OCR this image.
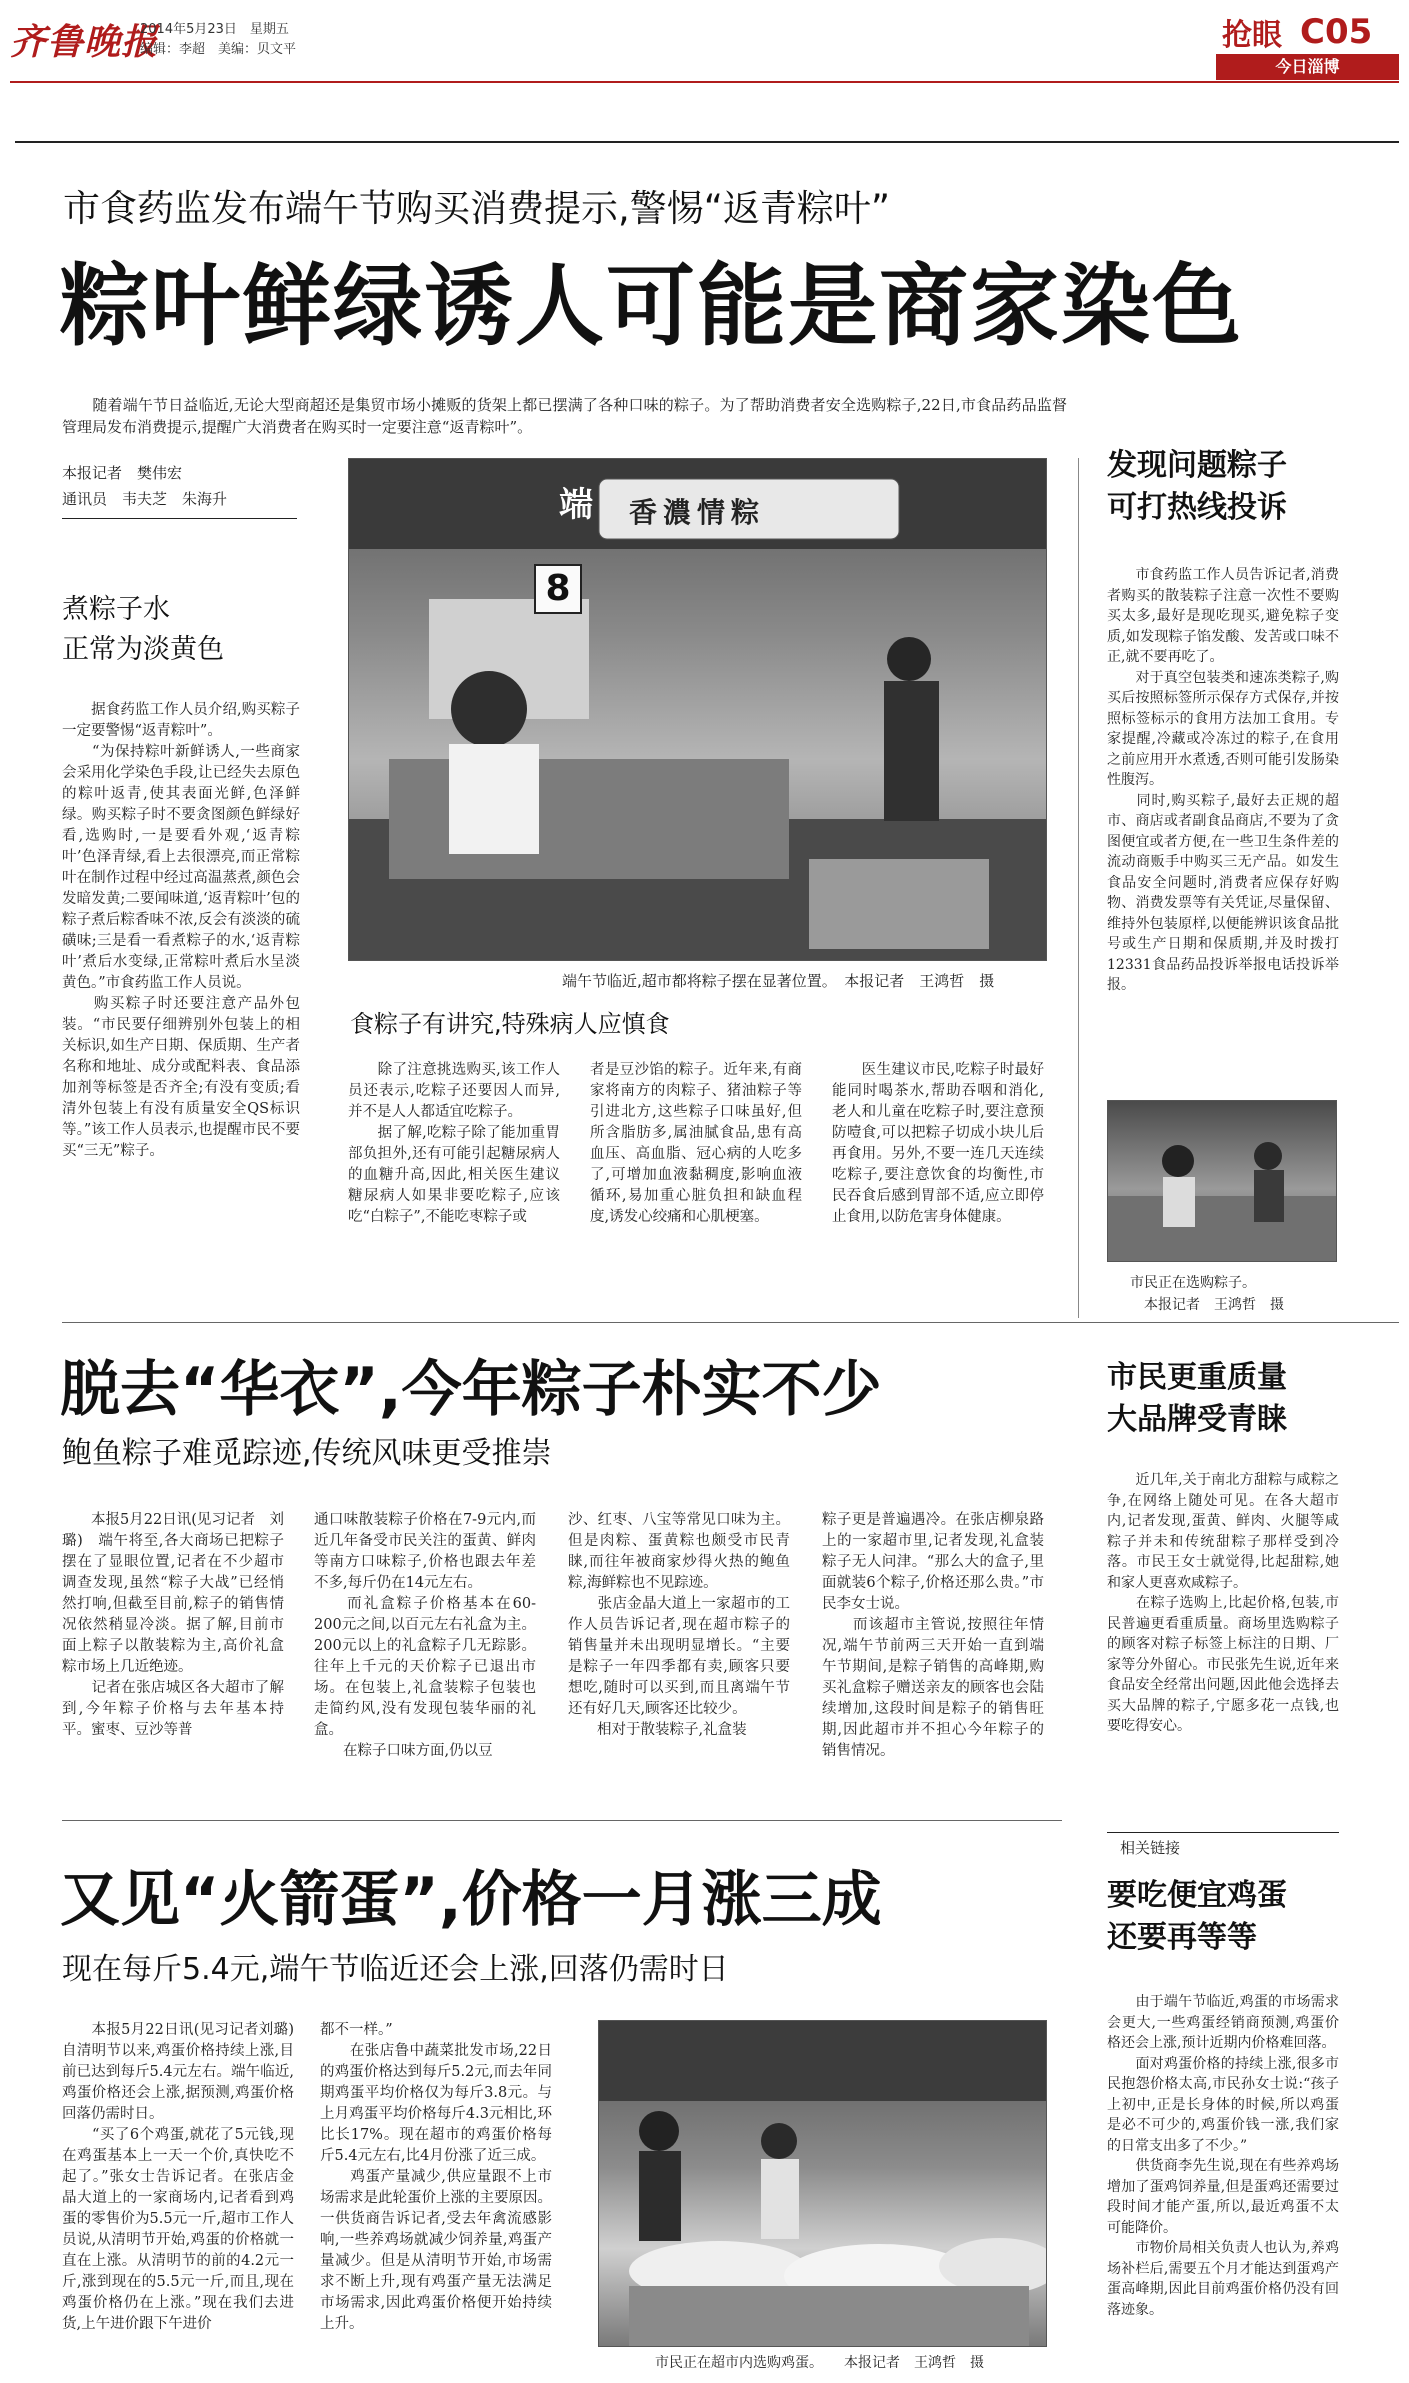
齐鲁晚报
2014年5月23日　星期五
编辑：李超　美编：贝文平	抢眼 C05
今日淄博
市食药监发布端午节购买消费提示,警惕“返青粽叶”
粽叶鲜绿诱人可能是商家染色
　　随着端午节日益临近,无论大型商超还是集贸市场小摊贩的货架上都已摆满了各种口味的粽子。为了帮助消费者安全选购粽子,22日,市食品药品监督管理局发布消费提示,提醒广大消费者在购买时一定要注意“返青粽叶”。
本报记者　樊伟宏
通讯员　韦夫芝　朱海升
煮粽子水
正常为淡黄色
　　据食药监工作人员介绍,购买粽子一定要警惕“返青粽叶”。
　　“为保持粽叶新鲜诱人,一些商家会采用化学染色手段,让已经失去原色的粽叶返青,使其表面光鲜,色泽鲜绿。购买粽子时不要贪图颜色鲜绿好看,选购时,一是要看外观,‘返青粽叶’色泽青绿,看上去很漂亮,而正常粽叶在制作过程中经过高温蒸煮,颜色会发暗发黄;二要闻味道,‘返青粽叶’包的粽子煮后粽香味不浓,反会有淡淡的硫磺味;三是看一看煮粽子的水,‘返青粽叶’煮后水变绿,正常粽叶煮后水呈淡黄色。”市食药监工作人员说。
　　购买粽子时还要注意产品外包装。“市民要仔细辨别外包装上的相关标识,如生产日期、保质期、生产者名称和地址、成分或配料表、食品添加剂等标签是否齐全;有没有变质;看清外包装上有没有质量安全QS标识等。”该工作人员表示,也提醒市民不要买“三无”粽子。
端 香濃情粽
8
端午节临近,超市都将粽子摆在显著位置。　本报记者　王鸿哲　摄
食粽子有讲究,特殊病人应慎食
　　除了注意挑选购买,该工作人员还表示,吃粽子还要因人而异,并不是人人都适宜吃粽子。
　　据了解,吃粽子除了能加重胃部负担外,还有可能引起糖尿病人的血糖升高,因此,相关医生建议糖尿病人如果非要吃粽子,应该吃“白粽子”,不能吃枣粽子或
者是豆沙馅的粽子。近年来,有商家将南方的肉粽子、猪油粽子等引进北方,这些粽子口味虽好,但所含脂肪多,属油腻食品,患有高血压、高血脂、冠心病的人吃多了,可增加血液黏稠度,影响血液循环,易加重心脏负担和缺血程度,诱发心绞痛和心肌梗塞。
　　医生建议市民,吃粽子时最好能同时喝茶水,帮助吞咽和消化,老人和儿童在吃粽子时,要注意预防噎食,可以把粽子切成小块儿后再食用。另外,不要一连几天连续吃粽子,要注意饮食的均衡性,市民吞食后感到胃部不适,应立即停止食用,以防危害身体健康。
发现问题粽子
可打热线投诉
　　市食药监工作人员告诉记者,消费者购买的散装粽子注意一次性不要购买太多,最好是现吃现买,避免粽子变质,如发现粽子馅发酸、发苦或口味不正,就不要再吃了。
　　对于真空包装类和速冻类粽子,购买后按照标签所示保存方式保存,并按照标签标示的食用方法加工食用。专家提醒,冷藏或冷冻过的粽子,在食用之前应用开水煮透,否则可能引发肠染性腹泻。
　　同时,购买粽子,最好去正规的超市、商店或者副食品商店,不要为了贪图便宜或者方便,在一些卫生条件差的流动商贩手中购买三无产品。如发生食品安全问题时,消费者应保存好购物、消费发票等有关凭证,尽量保留、维持外包装原样,以便能辨识该食品批号或生产日期和保质期,并及时拨打12331食品药品投诉举报电话投诉举报。
市民正在选购粽子。
　本报记者　王鸿哲　摄
脱去“华衣”,今年粽子朴实不少
鲍鱼粽子难觅踪迹,传统风味更受推崇
　　本报5月22日讯(见习记者　刘璐)　端午将至,各大商场已把粽子摆在了显眼位置,记者在不少超市调查发现,虽然“粽子大战”已经悄然打响,但截至目前,粽子的销售情况依然稍显冷淡。据了解,目前市面上粽子以散装粽为主,高价礼盒粽市场上几近绝迹。
　　记者在张店城区各大超市了解到,今年粽子价格与去年基本持平。蜜枣、豆沙等普
通口味散装粽子价格在7-9元内,而近几年备受市民关注的蛋黄、鲜肉等南方口味粽子,价格也跟去年差不多,每斤仍在14元左右。
　　而礼盒粽子价格基本在60-200元之间,以百元左右礼盒为主。200元以上的礼盒粽子几无踪影。往年上千元的天价粽子已退出市场。在包装上,礼盒装粽子包装也走简约风,没有发现包装华丽的礼盒。
　　在粽子口味方面,仍以豆
沙、红枣、八宝等常见口味为主。但是肉粽、蛋黄粽也颇受市民青睐,而往年被商家炒得火热的鲍鱼粽,海鲜粽也不见踪迹。
　　张店金晶大道上一家超市的工作人员告诉记者,现在超市粽子的销售量并未出现明显增长。“主要是粽子一年四季都有卖,顾客只要想吃,随时可以买到,而且离端午节还有好几天,顾客还比较少。
　　相对于散装粽子,礼盒装
粽子更是普遍遇冷。在张店柳泉路上的一家超市里,记者发现,礼盒装粽子无人问津。“那么大的盒子,里面就装6个粽子,价格还那么贵。”市民李女士说。
　　而该超市主管说,按照往年情况,端午节前两三天开始一直到端午节期间,是粽子销售的高峰期,购买礼盒粽子赠送亲友的顾客也会陆续增加,这段时间是粽子的销售旺期,因此超市并不担心今年粽子的销售情况。
市民更重质量
大品牌受青睐
　　近几年,关于南北方甜粽与咸粽之争,在网络上随处可见。在各大超市内,记者发现,蛋黄、鲜肉、火腿等咸粽子并未和传统甜粽子那样受到冷落。市民王女士就觉得,比起甜粽,她和家人更喜欢咸粽子。
　　在粽子选购上,比起价格,包装,市民普遍更看重质量。商场里选购粽子的顾客对粽子标签上标注的日期、厂家等分外留心。市民张先生说,近年来食品安全经常出问题,因此他会选择去买大品牌的粽子,宁愿多花一点钱,也要吃得安心。
又见“火箭蛋”,价格一月涨三成
现在每斤5.4元,端午节临近还会上涨,回落仍需时日
　　本报5月22日讯(见习记者刘璐)　自清明节以来,鸡蛋价格持续上涨,目前已达到每斤5.4元左右。端午临近,鸡蛋价格还会上涨,据预测,鸡蛋价格回落仍需时日。
　　“买了6个鸡蛋,就花了5元钱,现在鸡蛋基本上一天一个价,真快吃不起了。”张女士告诉记者。在张店金晶大道上的一家商场内,记者看到鸡蛋的零售价为5.5元一斤,超市工作人员说,从清明节开始,鸡蛋的价格就一直在上涨。从清明节的前的4.2元一斤,涨到现在的5.5元一斤,而且,现在鸡蛋价格仍在上涨。”现在我们去进货,上午进价跟下午进价
都不一样。”
　　在张店鲁中蔬菜批发市场,22日的鸡蛋价格达到每斤5.2元,而去年同期鸡蛋平均价格仅为每斤3.8元。与上月鸡蛋平均价格每斤4.3元相比,环比长17%。现在超市的鸡蛋价格每斤5.4元左右,比4月份涨了近三成。
　　鸡蛋产量减少,供应量跟不上市场需求是此轮蛋价上涨的主要原因。一供货商告诉记者,受去年禽流感影响,一些养鸡场就减少饲养量,鸡蛋产量减少。但是从清明节开始,市场需求不断上升,现有鸡蛋产量无法满足市场需求,因此鸡蛋价格便开始持续上升。
市民正在超市内选购鸡蛋。　　本报记者　王鸿哲　摄
相关链接
要吃便宜鸡蛋
还要再等等
　　由于端午节临近,鸡蛋的市场需求会更大,一些鸡蛋经销商预测,鸡蛋价格还会上涨,预计近期内价格难回落。
　　面对鸡蛋价格的持续上涨,很多市民抱怨价格太高,市民孙女士说:“孩子上初中,正是长身体的时候,所以鸡蛋是必不可少的,鸡蛋价钱一涨,我们家的日常支出多了不少。”
　　供货商李先生说,现在有些养鸡场增加了蛋鸡饲养量,但是蛋鸡还需要过段时间才能产蛋,所以,最近鸡蛋不太可能降价。
　　市物价局相关负责人也认为,养鸡场补栏后,需要五个月才能达到蛋鸡产蛋高峰期,因此目前鸡蛋价格仍没有回落迹象。
